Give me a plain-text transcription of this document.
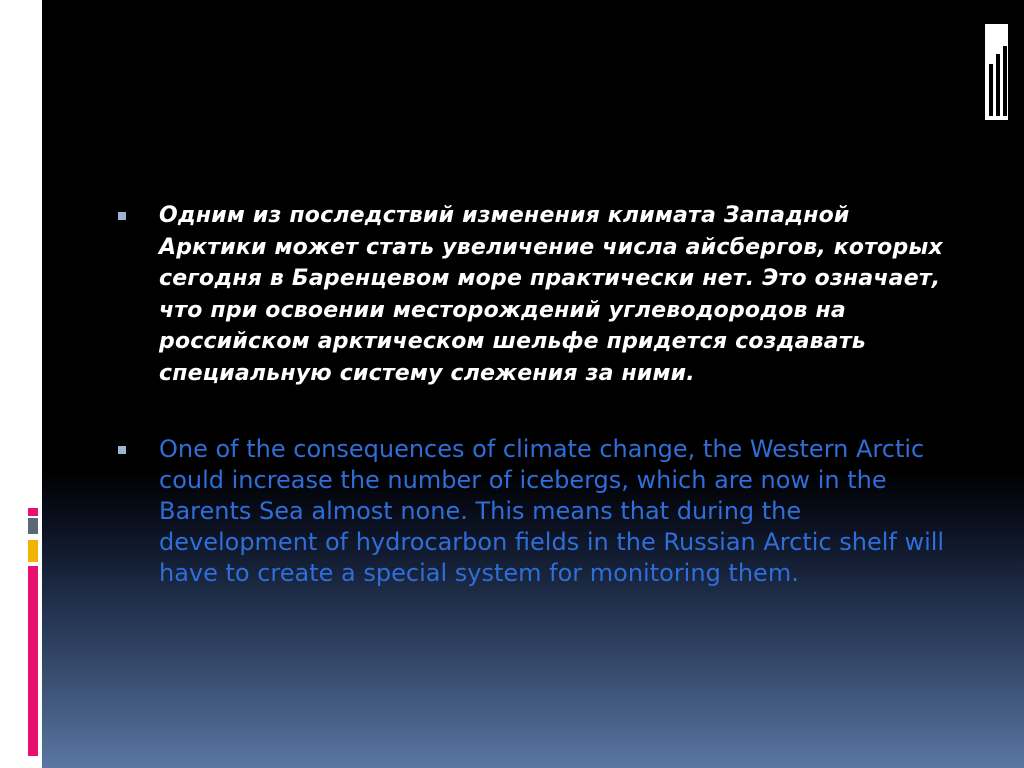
Одним из последствий изменения климата Западной Арктики может стать увеличение числа айсбергов, которых сегодня в Баренцевом море практически нет. Это означает, что при освоении месторождений углеводородов на российском арктическом шельфе придется создавать специальную систему слежения за ними.
One of the consequences of climate change, the Western Arctic could increase the number of icebergs, which are now in the Barents Sea almost none. This means that during the development of hydrocarbon fields in the Russian Arctic shelf will have to create a special system for monitoring them.
